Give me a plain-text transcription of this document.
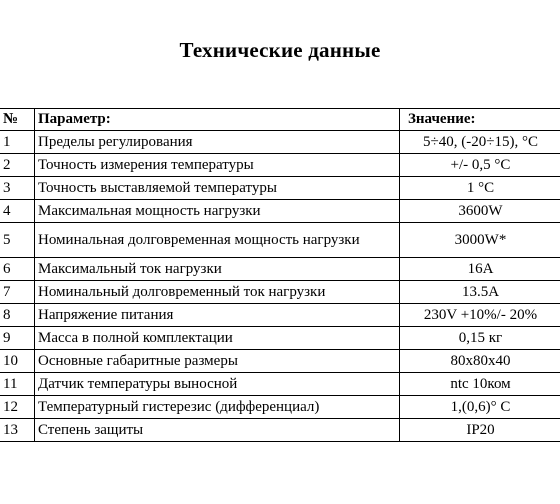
Технические данные
№	Параметр:	Значение:
1	Пределы регулирования	5÷40, (-20÷15), °С
2	Точность измерения температуры	+/- 0,5 °С
3	Точность выставляемой температуры	1 °С
4	Максимальная мощность нагрузки	3600W
5	Номинальная долговременная мощность нагрузки	3000W*
6	Максимальный ток нагрузки	16А
7	Номинальный долговременный ток нагрузки	13.5А
8	Напряжение питания	230V +10%/- 20%
9	Масса в полной комплектации	0,15 кг
10	Основные габаритные размеры	80х80х40
11	Датчик температуры выносной	ntc 10ком
12	Температурный гистерезис (дифференциал)	1,(0,6)° С
13	Степень защиты	IP20
